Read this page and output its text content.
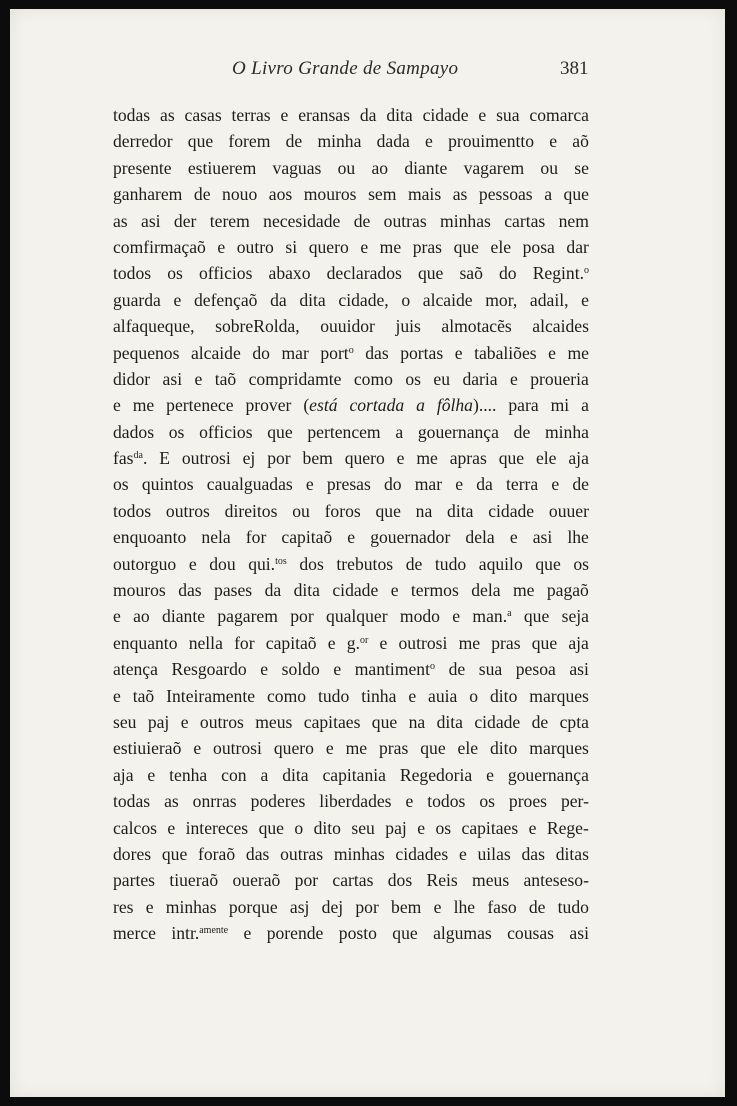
O Livro Grande de Sampayo	381
todas as casas terras e eransas da dita cidade e sua comarca
derredor que forem de minha dada e prouimentto e aõ
presente estiuerem vaguas ou ao diante vagarem ou se
ganharem de nouo aos mouros sem mais as pessoas a que
as asi der terem necesidade de outras minhas cartas nem
comfirmaçaõ e outro si quero e me pras que ele posa dar
todos os officios abaxo declarados que saõ do Regint.$^o$
guarda e defençaõ da dita cidade, o alcaide mor, adail, e
alfaqueque, sobreRolda, ouuidor juis almotacẽs alcaides
pequenos alcaide do mar port$^o$ das portas e tabaliões e me
didor asi e taõ compridamte como os eu daria e proueria
e me pertenece prover (está cortada a fôlha).... para mi a
dados os officios que pertencem a gouernança de minha
fas$^{da}$. E outrosi ej por bem quero e me apras que ele aja
os quintos caualguadas e presas do mar e da terra e de
todos outros direitos ou foros que na dita cidade ouuer
enquoanto nela for capitaõ e gouernador dela e asi lhe
outorguo e dou qui.$^{tos}$ dos trebutos de tudo aquilo que os
mouros das pases da dita cidade e termos dela me pagaõ
e ao diante pagarem por qualquer modo e man.$^a$ que seja
enquanto nella for capitaõ e g.$^{or}$ e outrosi me pras que aja
atença Resgoardo e soldo e mantiment$^o$ de sua pesoa asi
e taõ Inteiramente como tudo tinha e auia o dito marques
seu paj e outros meus capitaes que na dita cidade de cpta
estiuieraõ e outrosi quero e me pras que ele dito marques
aja e tenha con a dita capitania Regedoria e gouernança
todas as onrras poderes liberdades e todos os proes per-
calcos e intereces que o dito seu paj e os capitaes e Rege-
dores que foraõ das outras minhas cidades e uilas das ditas
partes tiueraõ oueraõ por cartas dos Reis meus antesesо-
res e minhas porque asj dej por bem e lhe faso de tudo
merce intr.$^{amente}$ e porende posto que algumas cousas asi
